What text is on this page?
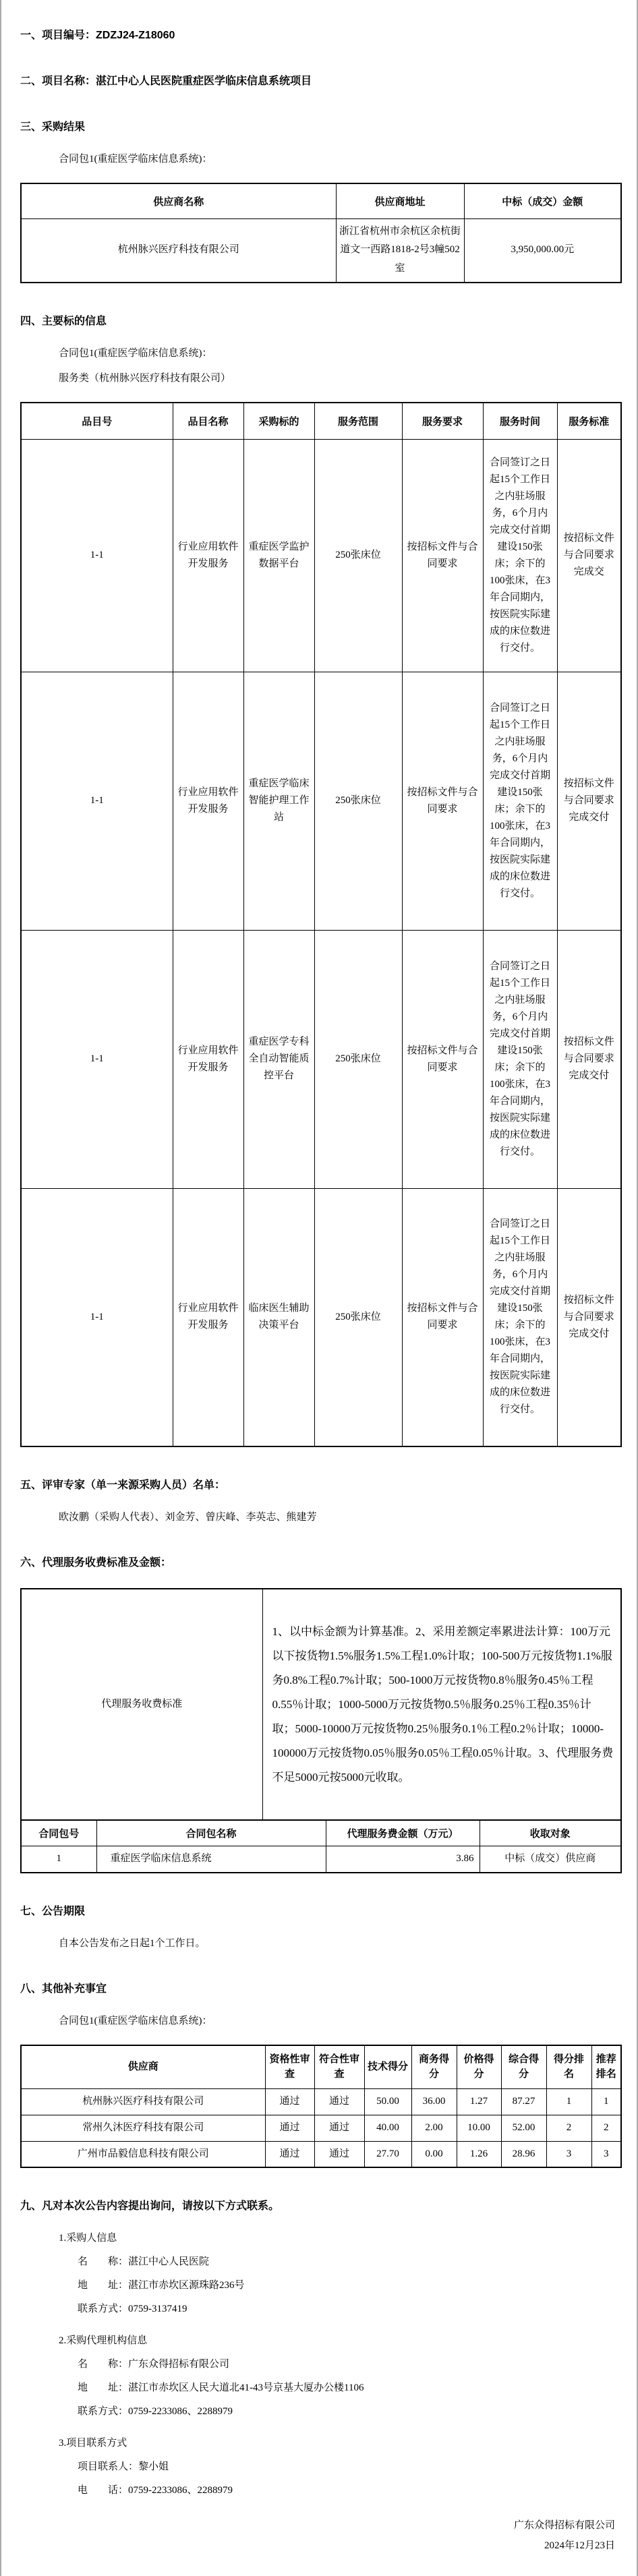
一、项目编号：ZDZJ24-Z18060

二、项目名称：湛江中心人民医院重症医学临床信息系统项目

三、采购结果

合同包1(重症医学临床信息系统)：

供应商名称	供应商地址	中标（成交）金额
杭州脉兴医疗科技有限公司	浙江省杭州市余杭区余杭街道文一西路1818-2号3幢502室	3,950,000.00元

四、主要标的信息

合同包1(重症医学临床信息系统)：

服务类（杭州脉兴医疗科技有限公司）

品目号	品目名称	采购标的	服务范围	服务要求	服务时间	服务标准
1-1	行业应用软件开发服务	重症医学监护数据平台	250张床位	按招标文件与合同要求	合同签订之日起15个工作日之内驻场服务，6个月内完成交付首期建设150张床；余下的100张床，在3年合同期内，按医院实际建成的床位数进行交付。	按招标文件与合同要求完成交
1-1	行业应用软件开发服务	重症医学临床智能护理工作站	250张床位	按招标文件与合同要求	合同签订之日起15个工作日之内驻场服务，6个月内完成交付首期建设150张床；余下的100张床，在3年合同期内，按医院实际建成的床位数进行交付。	按招标文件与合同要求完成交付
1-1	行业应用软件开发服务	重症医学专科全自动智能质控平台	250张床位	按招标文件与合同要求	合同签订之日起15个工作日之内驻场服务，6个月内完成交付首期建设150张床；余下的100张床，在3年合同期内，按医院实际建成的床位数进行交付。	按招标文件与合同要求完成交付
1-1	行业应用软件开发服务	临床医生辅助决策平台	250张床位	按招标文件与合同要求	合同签订之日起15个工作日之内驻场服务，6个月内完成交付首期建设150张床；余下的100张床，在3年合同期内，按医院实际建成的床位数进行交付。	按招标文件与合同要求完成交付

五、评审专家（单一来源采购人员）名单：

欧汝鹏（采购人代表）、刘金芳、曾庆峰、李英志、熊建芳

六、代理服务收费标准及金额：

代理服务收费标准	1、以中标金额为计算基准。2、采用差额定率累进法计算：100万元以下按货物1.5%服务1.5%工程1.0%计取；100-500万元按货物1.1%服务0.8%工程0.7%计取；500-1000万元按货物0.8％服务0.45％工程0.55％计取；1000-5000万元按货物0.5％服务0.25％工程0.35％计取；5000-10000万元按货物0.25％服务0.1％工程0.2％计取；10000-100000万元按货物0.05％服务0.05％工程0.05％计取。3、代理服务费不足5000元按5000元收取。
合同包号	合同包名称	代理服务费金额（万元）	收取对象
1	重症医学临床信息系统	3.86	中标（成交）供应商

七、公告期限

自本公告发布之日起1个工作日。

八、其他补充事宜

合同包1(重症医学临床信息系统)：

供应商	资格性审查	符合性审查	技术得分	商务得分	价格得分	综合得分	得分排名	推荐排名
杭州脉兴医疗科技有限公司	通过	通过	50.00	36.00	1.27	87.27	1	1
常州久沐医疗科技有限公司	通过	通过	40.00	2.00	10.00	52.00	2	2
广州市品毅信息科技有限公司	通过	通过	27.70	0.00	1.26	28.96	3	3

九、凡对本次公告内容提出询问，请按以下方式联系。

1.采购人信息

名　　称：湛江中心人民医院

地　　址：湛江市赤坎区源珠路236号

联系方式：0759-3137419

2.采购代理机构信息

名　　称：广东众得招标有限公司

地　　址：湛江市赤坎区人民大道北41-43号京基大厦办公楼1106

联系方式：0759-2233086、2288979

3.项目联系方式

项目联系人：黎小姐

电　　话：0759-2233086、2288979

广东众得招标有限公司
2024年12月23日
